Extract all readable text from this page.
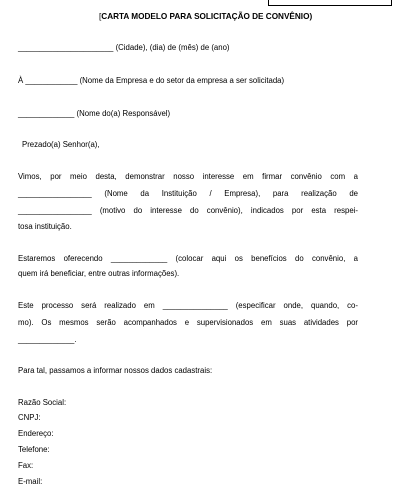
[CARTA MODELO PARA SOLICITAÇÃO DE CONVÊNIO)
______________________ (Cidade), (dia) de (mês) de (ano)
À ____________ (Nome da Empresa e do setor da empresa a ser solicitada)
_____________ (Nome do(a) Responsável)
Prezado(a) Senhor(a),
Vimos, por meio desta, demonstrar nosso interesse em firmar convênio com a
_________________ (Nome da Instituição / Empresa), para realização de
_________________ (motivo do interesse do convênio), indicados por esta respei-
tosa instituição.
Estaremos oferecendo _____________ (colocar aqui os benefícios do convênio, a
quem irá beneficiar, entre outras informações).
Este processo será realizado em _______________ (especificar onde, quando, co-
mo). Os mesmos serão acompanhados e supervisionados em suas atividades por
_____________.
Para tal, passamos a informar nossos dados cadastrais:
Razão Social:
CNPJ:
Endereço:
Telefone:
Fax:
E-mail:
